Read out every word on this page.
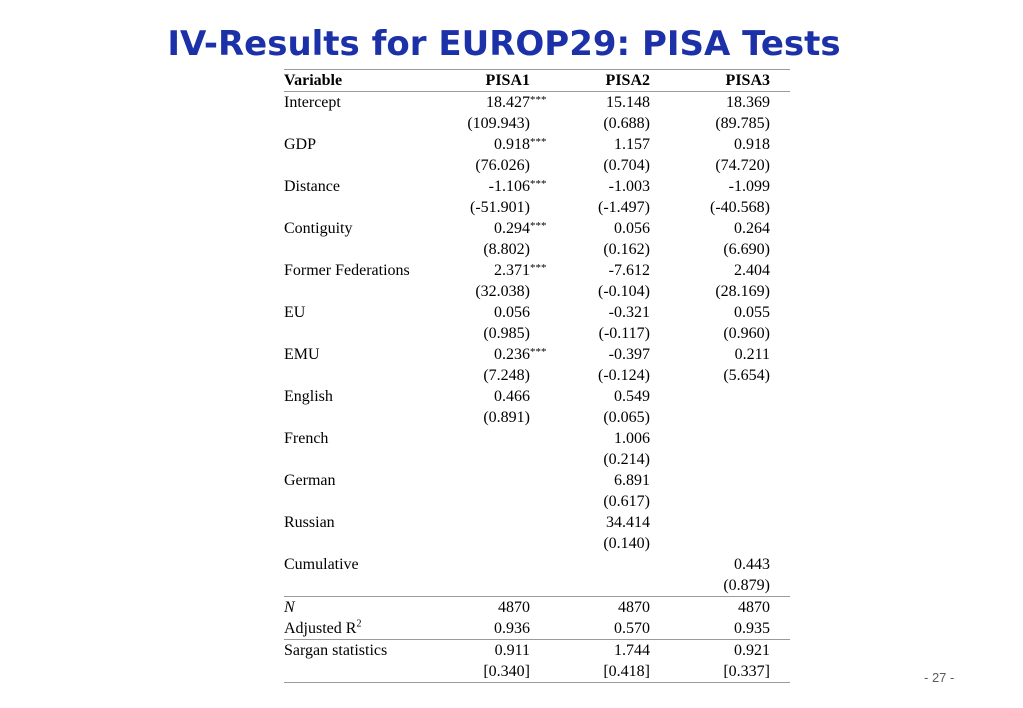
IV-Results for EUROP29: PISA Tests
Variable	PISA1		PISA2		PISA3	
Intercept	18.427	***	15.148		18.369	
	(109.943)		(0.688)		(89.785)	
GDP	0.918	***	1.157		0.918	
	(76.026)		(0.704)		(74.720)	
Distance	-1.106	***	-1.003		-1.099	
	(-51.901)		(-1.497)		(-40.568)	
Contiguity	0.294	***	0.056		0.264	
	(8.802)		(0.162)		(6.690)	
Former Federations	2.371	***	-7.612		2.404	
	(32.038)		(-0.104)		(28.169)	
EU	0.056		-0.321		0.055	
	(0.985)		(-0.117)		(0.960)	
EMU	0.236	***	-0.397		0.211	
	(7.248)		(-0.124)		(5.654)	
English	0.466		0.549			
	(0.891)		(0.065)			
French			1.006			
			(0.214)			
German			6.891			
			(0.617)			
Russian			34.414			
			(0.140)			
Cumulative					0.443	
					(0.879)	
N	4870		4870		4870	
Adjusted $R^2$	0.936		0.570		0.935	
Sargan statistics	0.911		1.744		0.921	
	[0.340]		[0.418]		[0.337]		- 27 -
